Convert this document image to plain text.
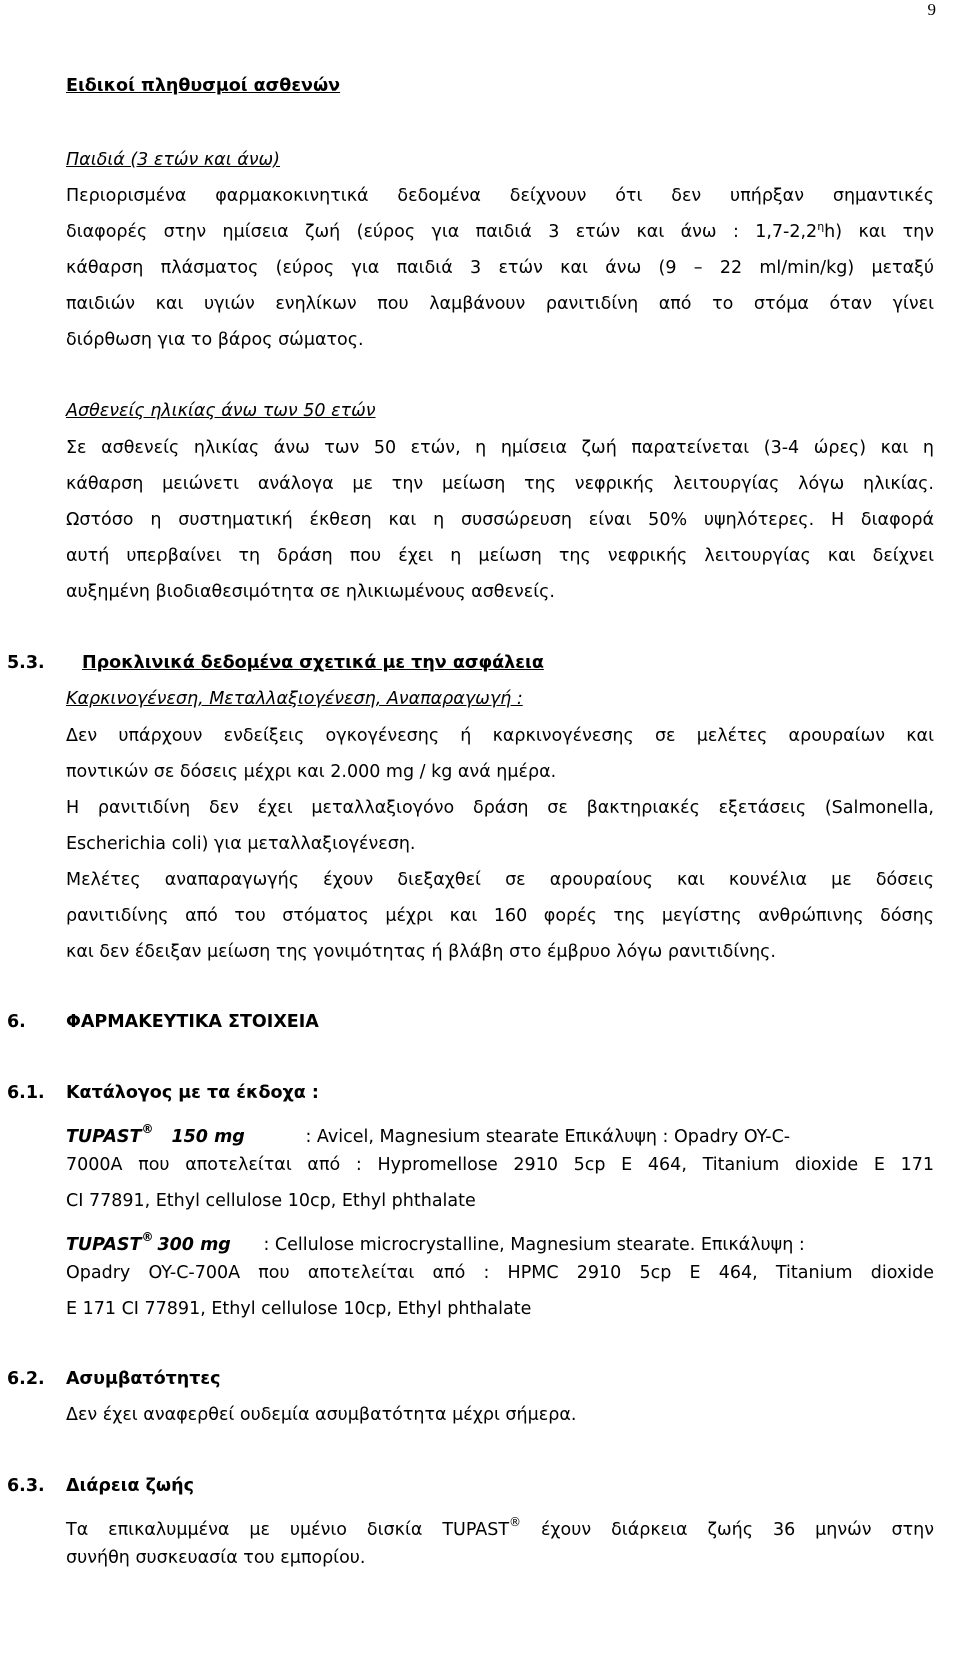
9
Ειδικοί πληθυσμοί ασθενών
Παιδιά (3 ετών και άνω)
Περιορισμένα φαρμακοκινητικά δεδομένα δείχνουν ότι δεν υπήρξαν σημαντικές
διαφορές στην ημίσεια ζωή (εύρος για παιδιά 3 ετών και άνω : $1,7-2,2^\eta h$) και την
κάθαρση πλάσματος (εύρος για παιδιά 3 ετών και άνω (9 – 22 ml/min/kg) μεταξύ
παιδιών και υγιών ενηλίκων που λαμβάνουν ρανιτιδίνη από το στόμα όταν γίνει
διόρθωση για το βάρος σώματος.
Ασθενείς ηλικίας άνω των 50 ετών
Σε ασθενείς ηλικίας άνω των 50 ετών, η ημίσεια ζωή παρατείνεται (3-4 ώρες) και η
κάθαρση μειώνετι ανάλογα με την μείωση της νεφρικής λειτουργίας λόγω ηλικίας.
Ωστόσο η συστηματική έκθεση και η συσσώρευση είναι 50% υψηλότερες. Η διαφορά
αυτή υπερβαίνει τη δράση που έχει η μείωση της νεφρικής λειτουργίας και δείχνει
αυξημένη βιοδιαθεσιμότητα σε ηλικιωμένους ασθενείς.
5.3. Προκλινικά δεδομένα σχετικά με την ασφάλεια
Καρκινογένεση, Μεταλλαξιογένεση, Αναπαραγωγή :
Δεν υπάρχουν ενδείξεις ογκογένεσης ή καρκινογένεσης σε μελέτες αρουραίων και
ποντικών σε δόσεις μέχρι και 2.000 mg / kg ανά ημέρα.
Η ρανιτιδίνη δεν έχει μεταλλαξιογόνο δράση σε βακτηριακές εξετάσεις (Salmonella,
Escherichia coli) για μεταλλαξιογένεση.
Μελέτες αναπαραγωγής έχουν διεξαχθεί σε αρουραίους και κουνέλια με δόσεις
ρανιτιδίνης από του στόματος μέχρι και 160 φορές της μεγίστης ανθρώπινης δόσης
και δεν έδειξαν μείωση της γονιμότητας ή βλάβη στο έμβρυο λόγω ρανιτιδίνης.
6. ΦΑΡΜΑΚΕΥΤΙΚΑ ΣΤΟΙΧΕΙΑ
6.1. Κατάλογος με τα έκδοχα :
TUPAST® 150 mg	: Avicel, Magnesium stearate Επικάλυψη : Opadry OY-C-
7000A που αποτελείται από : Hypromellose 2910 5cp E 464, Titanium dioxide E 171
CI 77891, Ethyl cellulose 10cp, Ethyl phthalate
TUPAST® 300 mg : Cellulose microcrystalline, Magnesium stearate. Επικάλυψη :
Opadry OY-C-700A που αποτελείται από : HPMC 2910 5cp E 464, Titanium dioxide
E 171 CI 77891, Ethyl cellulose 10cp, Ethyl phthalate
6.2. Ασυμβατότητες
Δεν έχει αναφερθεί ουδεμία ασυμβατότητα μέχρι σήμερα.
6.3. Διάρεια ζωής
Τα επικαλυμμένα με υμένιο δισκία TUPAST® έχουν διάρκεια ζωής 36 μηνών στην
συνήθη συσκευασία του εμπορίου.
